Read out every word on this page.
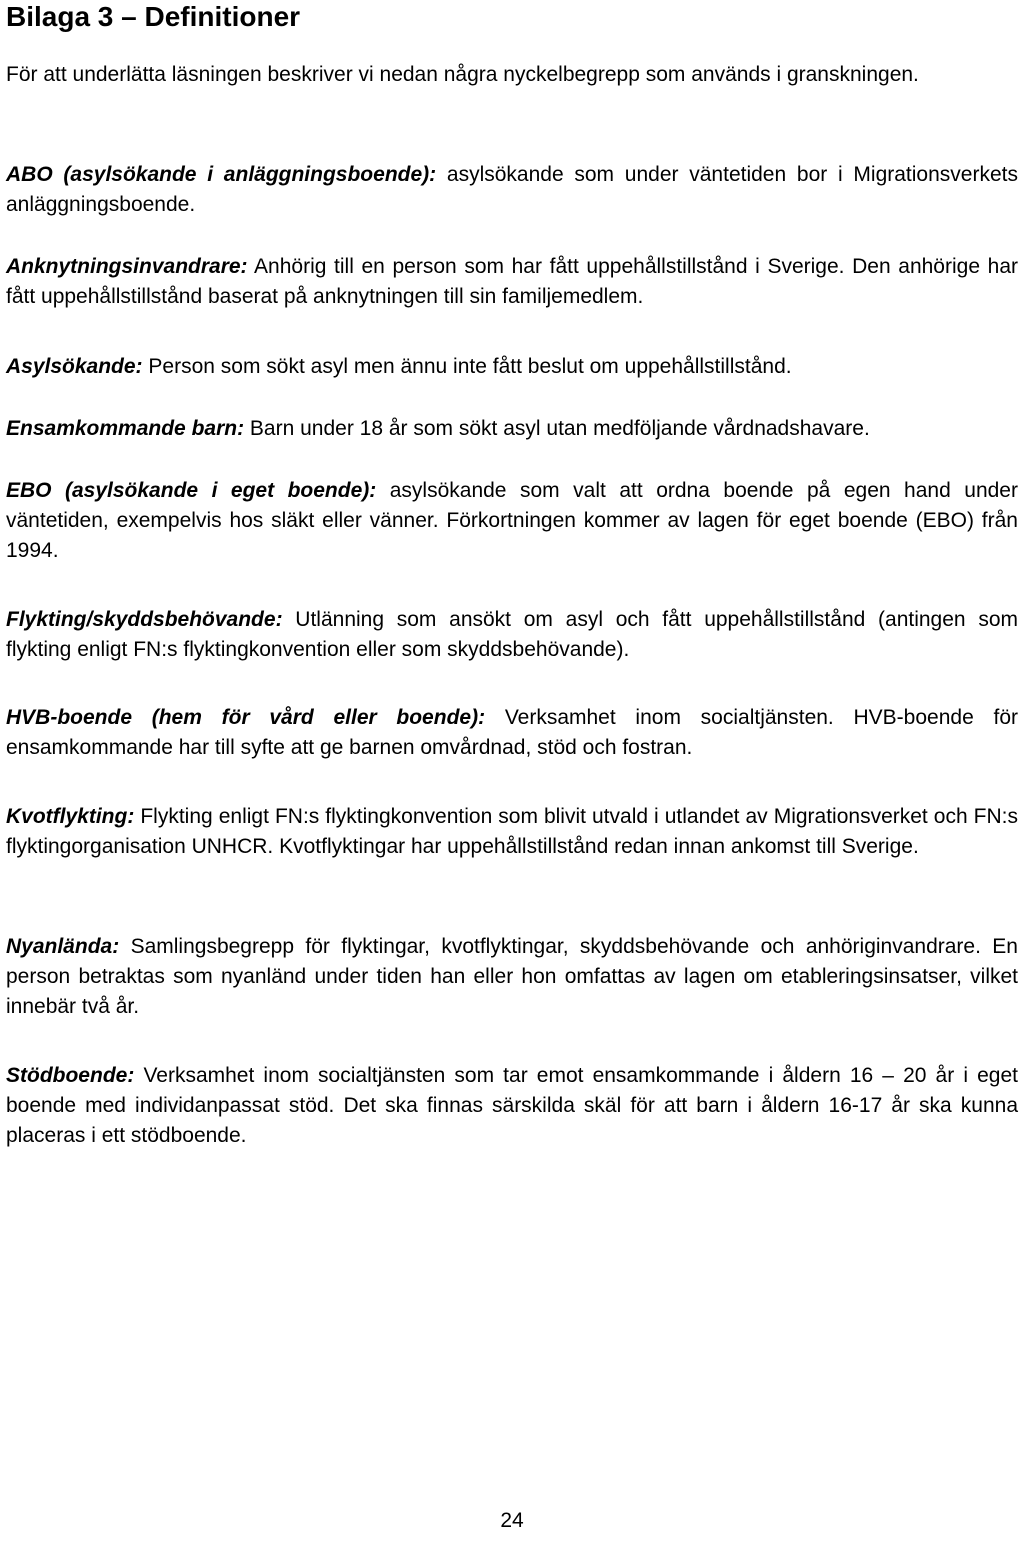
Bilaga 3 – Definitioner

För att underlätta läsningen beskriver vi nedan några nyckelbegrepp som används i granskningen.

ABO (asylsökande i anläggningsboende): asylsökande som under väntetiden bor i Migrationsverkets anläggningsboende.

Anknytningsinvandrare: Anhörig till en person som har fått uppehållstillstånd i Sverige. Den anhörige har fått uppehållstillstånd baserat på anknytningen till sin familjemedlem.

Asylsökande: Person som sökt asyl men ännu inte fått beslut om uppehållstillstånd.

Ensamkommande barn: Barn under 18 år som sökt asyl utan medföljande vårdnadshavare.

EBO (asylsökande i eget boende): asylsökande som valt att ordna boende på egen hand under väntetiden, exempelvis hos släkt eller vänner. Förkortningen kommer av lagen för eget boende (EBO) från 1994.

Flykting/skyddsbehövande: Utlänning som ansökt om asyl och fått uppehållstillstånd (antingen som flykting enligt FN:s flyktingkonvention eller som skyddsbehövande).

HVB-boende (hem för vård eller boende): Verksamhet inom socialtjänsten. HVB-boende för ensamkommande har till syfte att ge barnen omvårdnad, stöd och fostran.

Kvotflykting: Flykting enligt FN:s flyktingkonvention som blivit utvald i utlandet av Migrationsverket och FN:s flyktingorganisation UNHCR. Kvotflyktingar har uppehållstillstånd redan innan ankomst till Sverige.

Nyanlända: Samlingsbegrepp för flyktingar, kvotflyktingar, skyddsbehövande och anhöriginvandrare. En person betraktas som nyanländ under tiden han eller hon omfattas av lagen om etableringsinsatser, vilket innebär två år.

Stödboende: Verksamhet inom socialtjänsten som tar emot ensamkommande i åldern 16 – 20 år i eget boende med individanpassat stöd. Det ska finnas särskilda skäl för att barn i åldern 16-17 år ska kunna placeras i ett stödboende.

24
